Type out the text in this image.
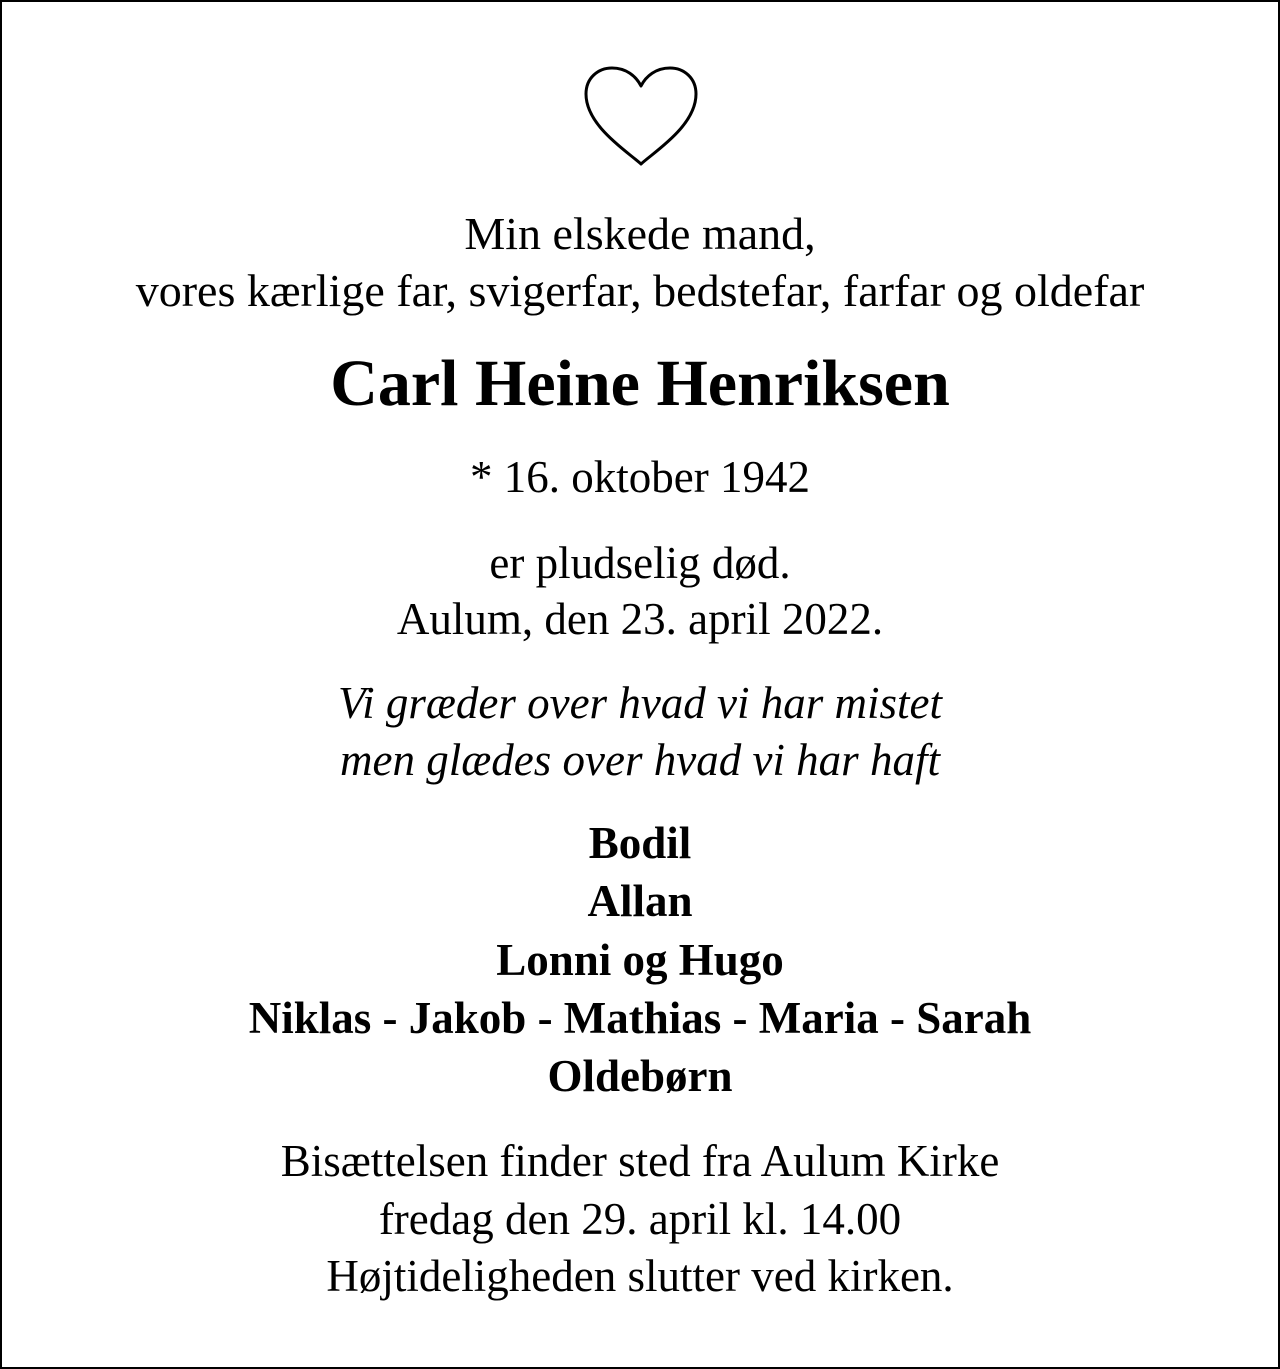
Min elskede mand,
vores kærlige far, svigerfar, bedstefar, farfar og oldefar
Carl Heine Henriksen
* 16. oktober 1942
er pludselig død.
Aulum, den 23. april 2022.
Vi græder over hvad vi har mistet
men glædes over hvad vi har haft
Bodil
Allan
Lonni og Hugo
Niklas - Jakob - Mathias - Maria - Sarah
Oldebørn
Bisættelsen finder sted fra Aulum Kirke
fredag den 29. april kl. 14.00
Højtideligheden slutter ved kirken.
